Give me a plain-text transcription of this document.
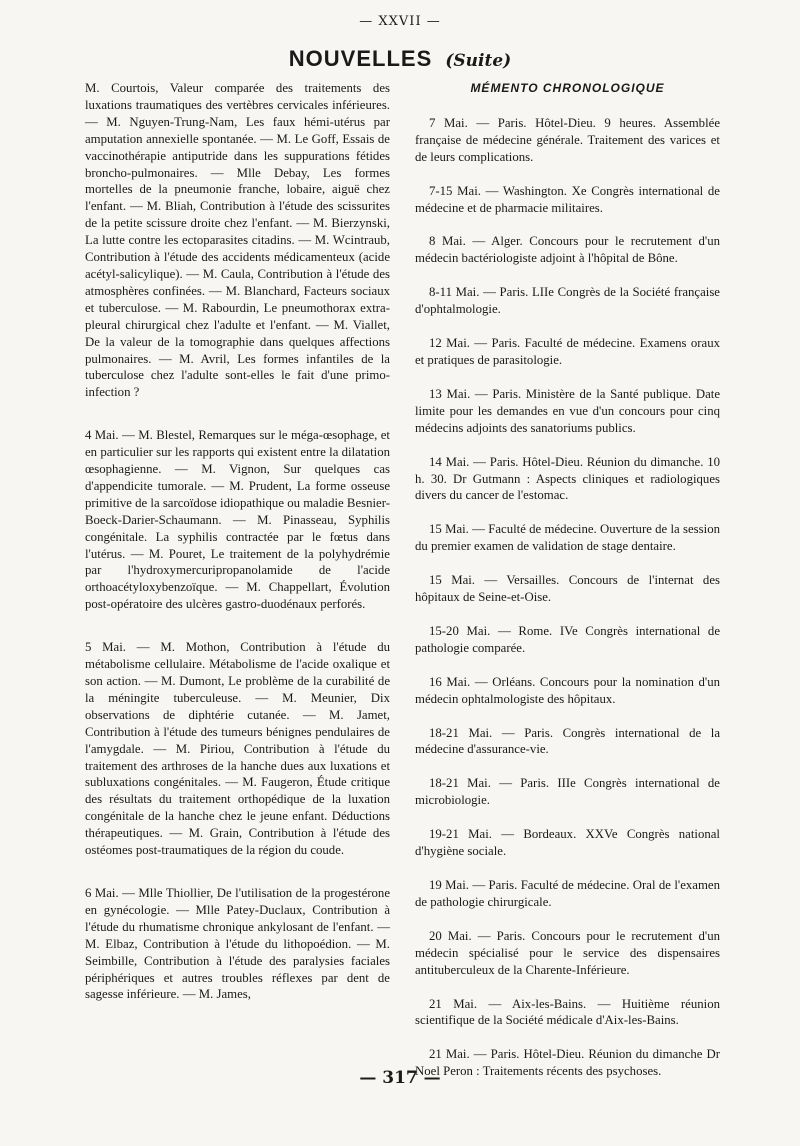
— XXVII —
NOUVELLES (Suite)

M. Courtois, Valeur comparée des traitements des luxations traumatiques des vertèbres cervicales inférieures. — M. Nguyen-Trung-Nam, Les faux hémi-utérus par amputation annexielle spontanée. — M. Le Goff, Essais de vaccinothérapie antiputride dans les suppurations fétides broncho-pulmonaires. — Mlle Debay, Les formes mortelles de la pneumonie franche, lobaire, aiguë chez l'enfant. — M. Bliah, Contribution à l'étude des scissurites de la petite scissure droite chez l'enfant. — M. Bierzynski, La lutte contre les ectoparasites citadins. — M. Wcintraub, Contribution à l'étude des accidents médicamenteux (acide acétyl-salicylique). — M. Caula, Contribution à l'étude des atmosphères confinées. — M. Blanchard, Facteurs sociaux et tuberculose. — M. Rabourdin, Le pneumothorax extra-pleural chirurgical chez l'adulte et l'enfant. — M. Viallet, De la valeur de la tomographie dans quelques affections pulmonaires. — M. Avril, Les formes infantiles de la tuberculose chez l'adulte sont-elles le fait d'une primo-infection ?

4 Mai. — M. Blestel, Remarques sur le méga-œsophage, et en particulier sur les rapports qui existent entre la dilatation œsophagienne. — M. Vignon, Sur quelques cas d'appendicite tumorale. — M. Prudent, La forme osseuse primitive de la sarcoïdose idiopathique ou maladie Besnier-Boeck-Darier-Schaumann. — M. Pinasseau, Syphilis congénitale. La syphilis contractée par le fœtus dans l'utérus. — M. Pouret, Le traitement de la polyhydrémie par l'hydroxymercuripropanolamide de l'acide orthoacétyloxybenzoïque. — M. Chappellart, Évolution post-opératoire des ulcères gastro-duodénaux perforés.

5 Mai. — M. Mothon, Contribution à l'étude du métabolisme cellulaire. Métabolisme de l'acide oxalique et son action. — M. Dumont, Le problème de la curabilité de la méningite tuberculeuse. — M. Meunier, Dix observations de diphtérie cutanée. — M. Jamet, Contribution à l'étude des tumeurs bénignes pendulaires de l'amygdale. — M. Piriou, Contribution à l'étude du traitement des arthroses de la hanche dues aux luxations et subluxations congénitales. — M. Faugeron, Étude critique des résultats du traitement orthopédique de la luxation congénitale de la hanche chez le jeune enfant. Déductions thérapeutiques. — M. Grain, Contribution à l'étude des ostéomes post-traumatiques de la région du coude.

6 Mai. — Mlle Thiollier, De l'utilisation de la progestérone en gynécologie. — Mlle Patey-Duclaux, Contribution à l'étude du rhumatisme chronique ankylosant de l'enfant. — M. Elbaz, Contribution à l'étude du lithopoédion. — M. Seimbille, Contribution à l'étude des paralysies faciales périphériques et autres troubles réflexes par dent de sagesse inférieure. — M. James,

MÉMENTO CHRONOLOGIQUE

7 Mai. — Paris. Hôtel-Dieu. 9 heures. Assemblée française de médecine générale. Traitement des varices et de leurs complications.

7-15 Mai. — Washington. Xe Congrès international de médecine et de pharmacie militaires.

8 Mai. — Alger. Concours pour le recrutement d'un médecin bactériologiste adjoint à l'hôpital de Bône.

8-11 Mai. — Paris. LIIe Congrès de la Société française d'ophtalmologie.

12 Mai. — Paris. Faculté de médecine. Examens oraux et pratiques de parasitologie.

13 Mai. — Paris. Ministère de la Santé publique. Date limite pour les demandes en vue d'un concours pour cinq médecins adjoints des sanatoriums publics.

14 Mai. — Paris. Hôtel-Dieu. Réunion du dimanche. 10 h. 30. Dr Gutmann : Aspects cliniques et radiologiques divers du cancer de l'estomac.

15 Mai. — Faculté de médecine. Ouverture de la session du premier examen de validation de stage dentaire.

15 Mai. — Versailles. Concours de l'internat des hôpitaux de Seine-et-Oise.

15-20 Mai. — Rome. IVe Congrès international de pathologie comparée.

16 Mai. — Orléans. Concours pour la nomination d'un médecin ophtalmologiste des hôpitaux.

18-21 Mai. — Paris. Congrès international de la médecine d'assurance-vie.

18-21 Mai. — Paris. IIIe Congrès international de microbiologie.

19-21 Mai. — Bordeaux. XXVe Congrès national d'hygiène sociale.

19 Mai. — Paris. Faculté de médecine. Oral de l'examen de pathologie chirurgicale.

20 Mai. — Paris. Concours pour le recrutement d'un médecin spécialisé pour le service des dispensaires antituberculeux de la Charente-Inférieure.

21 Mai. — Aix-les-Bains. — Huitième réunion scientifique de la Société médicale d'Aix-les-Bains.

21 Mai. — Paris. Hôtel-Dieu. Réunion du dimanche Dr Noel Peron : Traitements récents des psychoses.

— 317 —
